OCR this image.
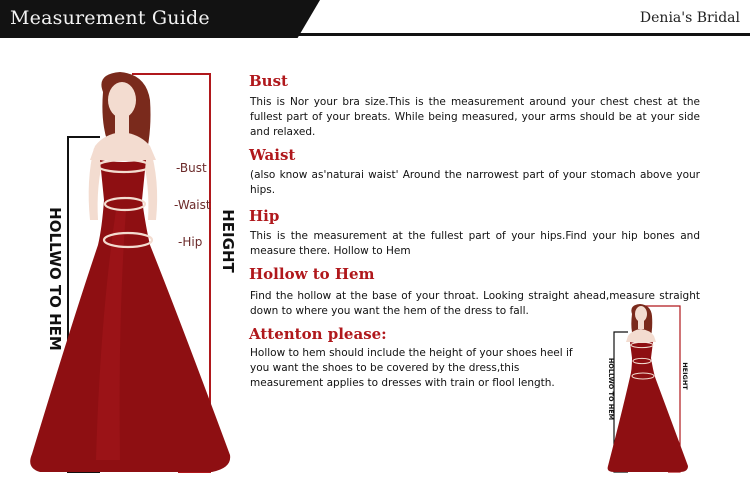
Measurement Guide	Denia's Bridal
-Bust
-Waist
-Hip HEIGHT
HOLLWO TO HEM
Bust
This is Nor your bra size.This is the measurement around your chest chest at the fullest part of your breats. While being measured, your arms should be at your side and relaxed.
Waist
(also know as'naturai waist' Around the narrowest part of your stomach above your hips.
Hip
This is the measurement at the fullest part of your hips.Find your hip bones and measure there. Hollow to Hem
Hollow to Hem
Find the hollow at the base of your throat. Looking straight ahead,measure straight down to where you want the hem of the dress to fall.
Attenton please:
Hollow to hem should include the height of your shoes heel if you want the shoes to be covered by the dress,this measurement applies to dresses with train or flool length.	HEIGHT
HOLLWO TO HEM
